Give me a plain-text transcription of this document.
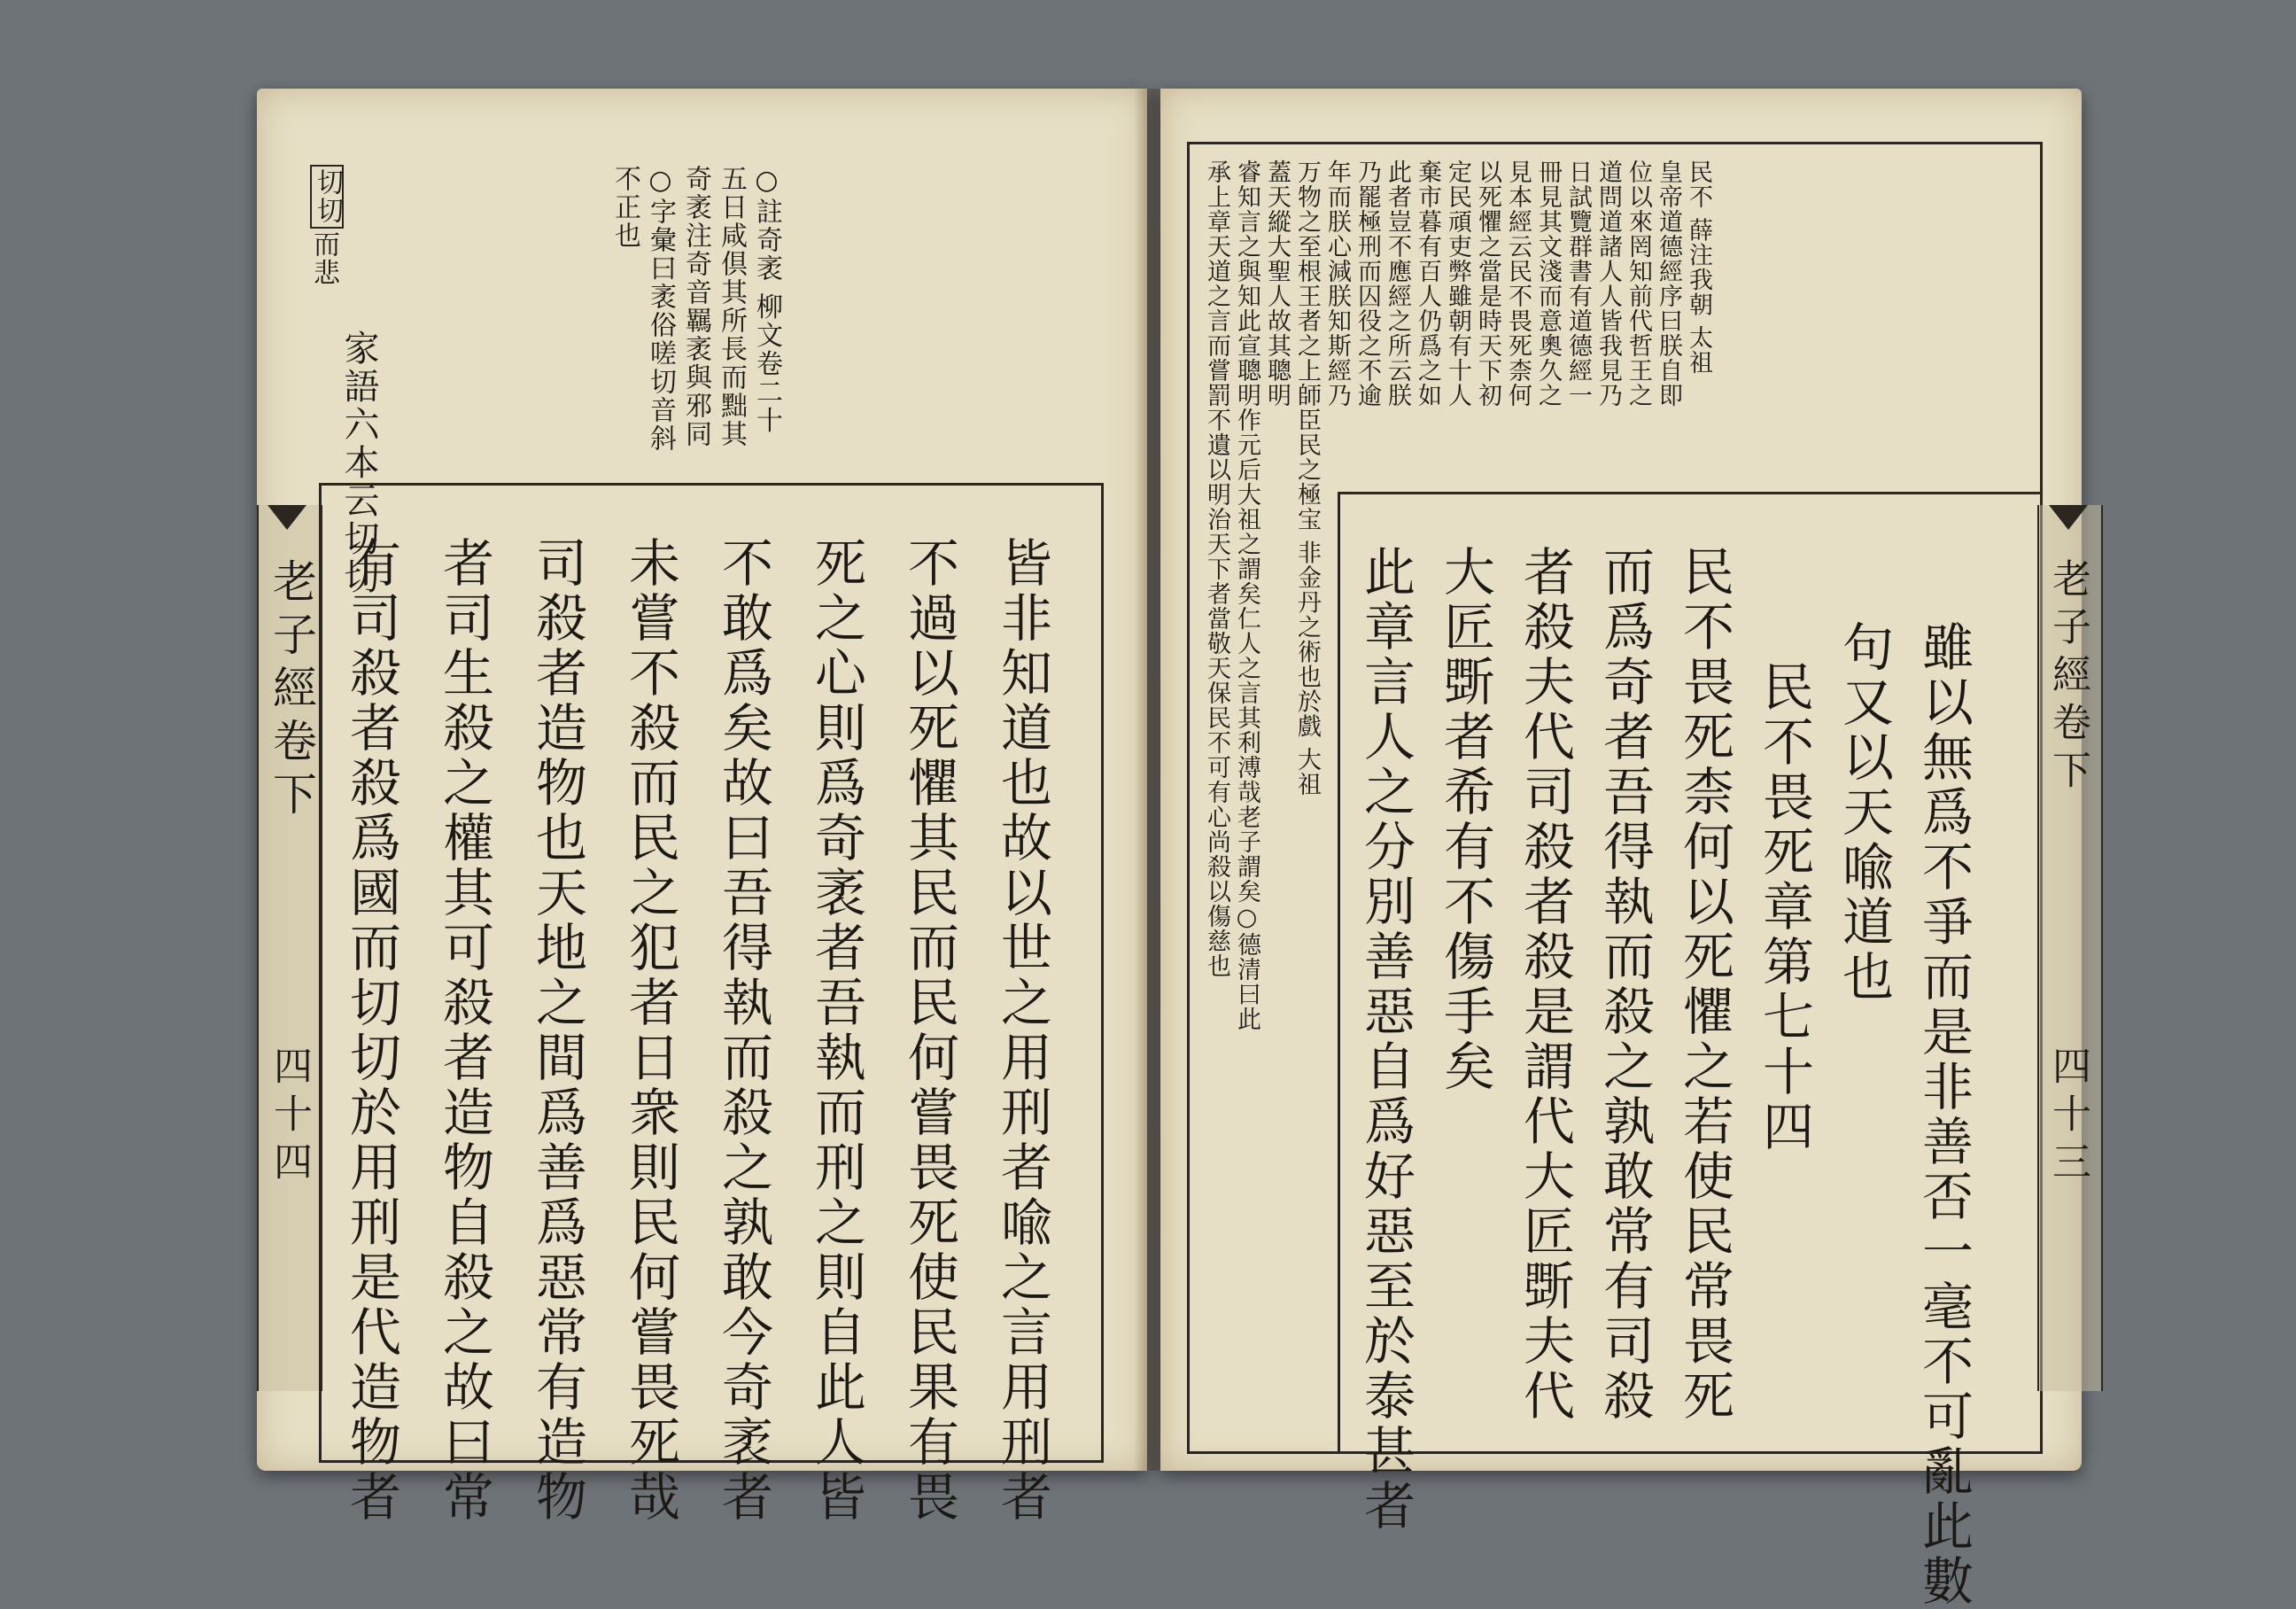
切切
而悲
家語六本云切切
不正也 ○字彙曰袤俗嗟切音斜 奇袤注奇音羈袤與邪同 五日咸倶其所長而黜其 ○註奇袤 柳文卷二十
老子經卷下
四十四 有司殺者殺爲國而切切於用刑是代造物者 者司生殺之權其可殺者造物自殺之故曰常 司殺者造物也天地之間爲善爲惡常有造物 未嘗不殺而民之犯者日衆則民何嘗畏死哉 不敢爲矣故曰吾得執而殺之孰敢今奇袤者 死之心則爲奇袤者吾執而刑之則自此人皆 不過以死懼其民而民何嘗畏死使民果有畏 皆非知道也故以世之用刑者喩之言用刑者	承上章天道之言而嘗罰不遺以明治天下者當敬天保民不可有心尚殺以傷慈也 睿知言之與知此宣聰明作元后大祖之謂矣仁人之言其利溥哉老子謂矣○德清曰此 蓋天縱大聖人故其聰明 万物之至根王者之上師臣民之極宝 非金丹之術也於戲 大祖 年而朕心減朕知斯經乃 乃罷極刑而囚役之不逾 此者豈不應經之所云朕 棄市暮有百人仍爲之如 定民頑吏弊雖朝有十人 以死懼之當是時天下初 見本經云民不畏死柰何 冊見其文淺而意奧久之 日試覽群書有道德經一 道問道諸人人皆我見乃 位以來罔知前代哲王之 皇帝道德經序曰朕自即 民不 薛注我朝 太祖
此章言人之分別善惡自爲好惡至於泰甚者 大匠斲者希有不傷手矣 者殺夫代司殺者殺是謂代大匠斲夫代 而爲奇者吾得執而殺之孰敢常有司殺 民不畏死柰何以死懼之若使民常畏死 民不畏死章第七十四 句又以天喩道也 雖以無爲不爭而是非善否一毫不可亂此數 老子經卷下
四十三
